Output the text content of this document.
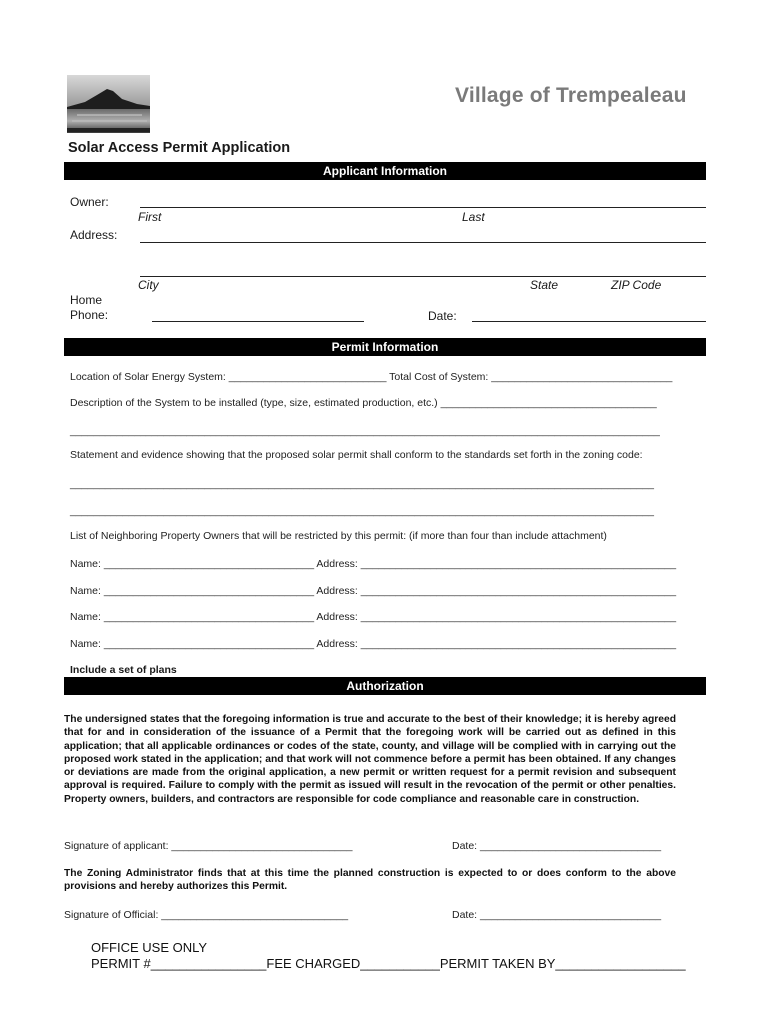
Village of Trempealeau
Solar Access Permit Application
Applicant Information
Owner:
First	Last
Address:
City	State	ZIP Code
Home
Phone:	Date:
Permit Information
Location of Solar Energy System: ___________________________ Total Cost of System: _______________________________
Description of the System to be installed (type, size, estimated production, etc.) _____________________________________
_____________________________________________________________________________________________________
Statement and evidence showing that the proposed solar permit shall conform to the standards set forth in the zoning code:
____________________________________________________________________________________________________
____________________________________________________________________________________________________
List of Neighboring Property Owners that will be restricted by this permit: (if more than four than include attachment)
Name: ____________________________________ Address: ______________________________________________________
Name: ____________________________________ Address: ______________________________________________________
Name: ____________________________________ Address: ______________________________________________________
Name: ____________________________________ Address: ______________________________________________________
Include a set of plans
Authorization
The undersigned states that the foregoing information is true and accurate to the best of their knowledge; it is hereby agreed that for and in consideration of the issuance of a Permit that the foregoing work will be carried out as defined in this application; that all applicable ordinances or codes of the state, county, and village will be complied with in carrying out the proposed work stated in the application; and that work will not commence before a permit has been obtained. If any changes or deviations are made from the original application, a new permit or written request for a permit revision and subsequent approval is required. Failure to comply with the permit as issued will result in the revocation of the permit or other penalties. Property owners, builders, and contractors are responsible for code compliance and reasonable care in construction.
Signature of applicant: _______________________________	Date: _______________________________
The Zoning Administrator finds that at this time the planned construction is expected to or does conform to the above provisions and hereby authorizes this Permit.
Signature of Official: ________________________________	Date: _______________________________
OFFICE USE ONLY
PERMIT #________________FEE CHARGED___________PERMIT TAKEN BY__________________
